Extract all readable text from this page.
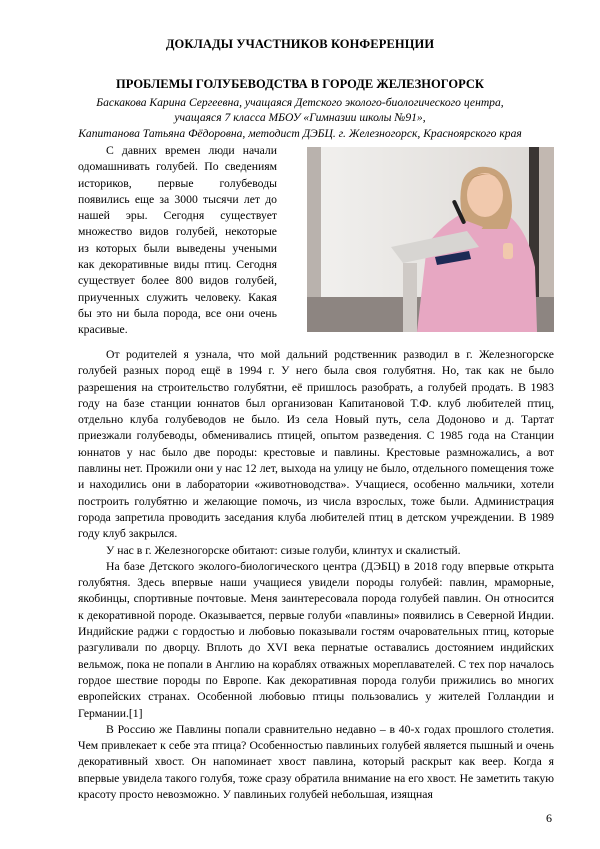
ДОКЛАДЫ УЧАСТНИКОВ КОНФЕРЕНЦИИ
ПРОБЛЕМЫ ГОЛУБЕВОДСТВА В ГОРОДЕ ЖЕЛЕЗНОГОРСК
Баскакова Карина Сергеевна, учащаяся Детского эколого-биологического центра,
учащаяся 7 класса МБОУ «Гимназии школы №91»,
Капитанова Татьяна Фёдоровна, методист ДЭБЦ. г. Железногорск, Красноярского края

С давних времен люди начали одомашнивать голубей. По сведениям историков, первые голубеводы появились еще за 3000 тысячи лет до нашей эры. Сегодня существует множество видов голубей, некоторые из которых были выведены учеными как декоративные виды птиц. Сегодня существует более 800 видов голубей, приученных служить человеку. Какая бы это ни была порода, все они очень красивые.

От родителей я узнала, что мой дальний родственник разводил в г. Железногорске голубей разных пород ещё в 1994 г. У него была своя голубятня. Но, так как не было разрешения на строительство голубятни, её пришлось разобрать, а голубей продать. В 1983 году на базе станции юннатов был организован Капитановой Т.Ф. клуб любителей птиц, отдельно клуба голубеводов не было. Из села Новый путь, села Додоново и д. Тартат приезжали голубеводы, обменивались птицей, опытом разведения. С 1985 года на Станции юннатов у нас было две породы: крестовые и павлины. Крестовые размножались, а вот павлины нет. Прожили они у нас 12 лет, выхода на улицу не было, отдельного помещения тоже и находились они в лаборатории «животноводства». Учащиеся, особенно мальчики, хотели построить голубятню и желающие помочь, из числа взрослых, тоже были. Администрация города запретила проводить заседания клуба любителей птиц в детском учреждении. В 1989 году клуб закрылся.

У нас в г. Железногорске обитают: сизые голуби, клинтух и скалистый.

На базе Детского эколого-биологического центра (ДЭБЦ) в 2018 году впервые открыта голубятня. Здесь впервые наши учащиеся увидели породы голубей: павлин, мраморные, якобинцы, спортивные почтовые. Меня заинтересовала порода голубей павлин. Он относится к декоративной породе. Оказывается, первые голуби «павлины» появились в Северной Индии. Индийские раджи с гордостью и любовью показывали гостям очаровательных птиц, которые разгуливали по дворцу. Вплоть до XVI века пернатые оставались достоянием индийских вельмож, пока не попали в Англию на кораблях отважных мореплавателей. С тех пор началось гордое шествие породы по Европе. Как декоративная порода голуби прижились во многих европейских странах. Особенной любовью птицы пользовались у жителей Голландии и Германии.[1]

В Россию же Павлины попали сравнительно недавно – в 40-х годах прошлого столетия. Чем привлекает к себе эта птица? Особенностью павлиньих голубей является пышный и очень декоративный хвост. Он напоминает хвост павлина, который раскрыт как веер. Когда я впервые увидела такого голубя, тоже сразу обратила внимание на его хвост. Не заметить такую красоту просто невозможно. У павлиньих голубей небольшая, изящная

6
